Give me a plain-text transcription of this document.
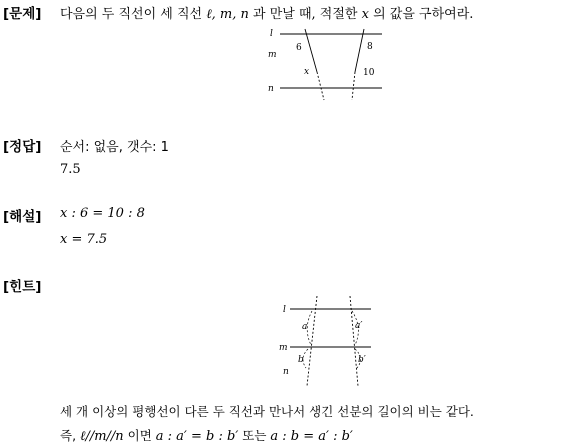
[문제] 다음의 두 직선이 세 직선 ℓ, m, n 과 만날 때, 적절한 x 의 값을 구하여라.
l
m
n
6
x
8
10
[정답] 순서: 없음, 갯수: 1
7.5
[해설] x : 6 = 10 : 8
x = 7.5
[힌트]
l
m
n
a	a′
b	b′
세 개 이상의 평행선이 다른 두 직선과 만나서 생긴 선분의 길이의 비는 같다.
즉, ℓ//m//n 이면 a : a′ = b : b′ 또는 a : b = a′ : b′
